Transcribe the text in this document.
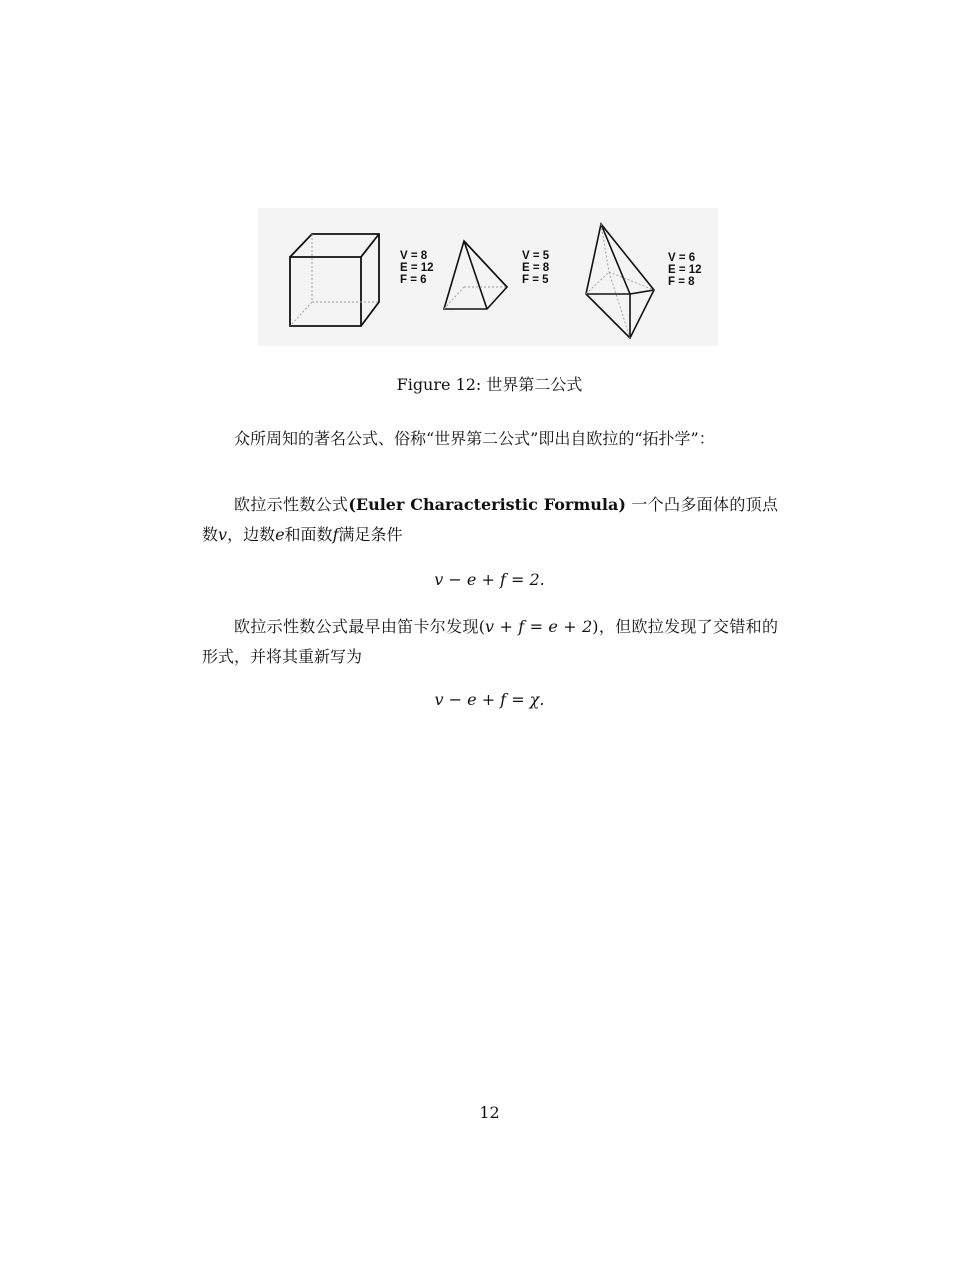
V = 8
E = 12
F = 6
V = 5
E = 8
F = 5
V = 6
E = 12
F = 8
Figure 12: 世界第二公式

众所周知的著名公式、俗称“世界第二公式”即出自欧拉的“拓扑学”：

欧拉示性数公式(Euler Characteristic Formula) 一个凸多面体的顶点数v，边数e和面数f满足条件

v − e + f = 2.

欧拉示性数公式最早由笛卡尔发现(v + f = e + 2)，但欧拉发现了交错和的形式，并将其重新写为

v − e + f = χ.
12
